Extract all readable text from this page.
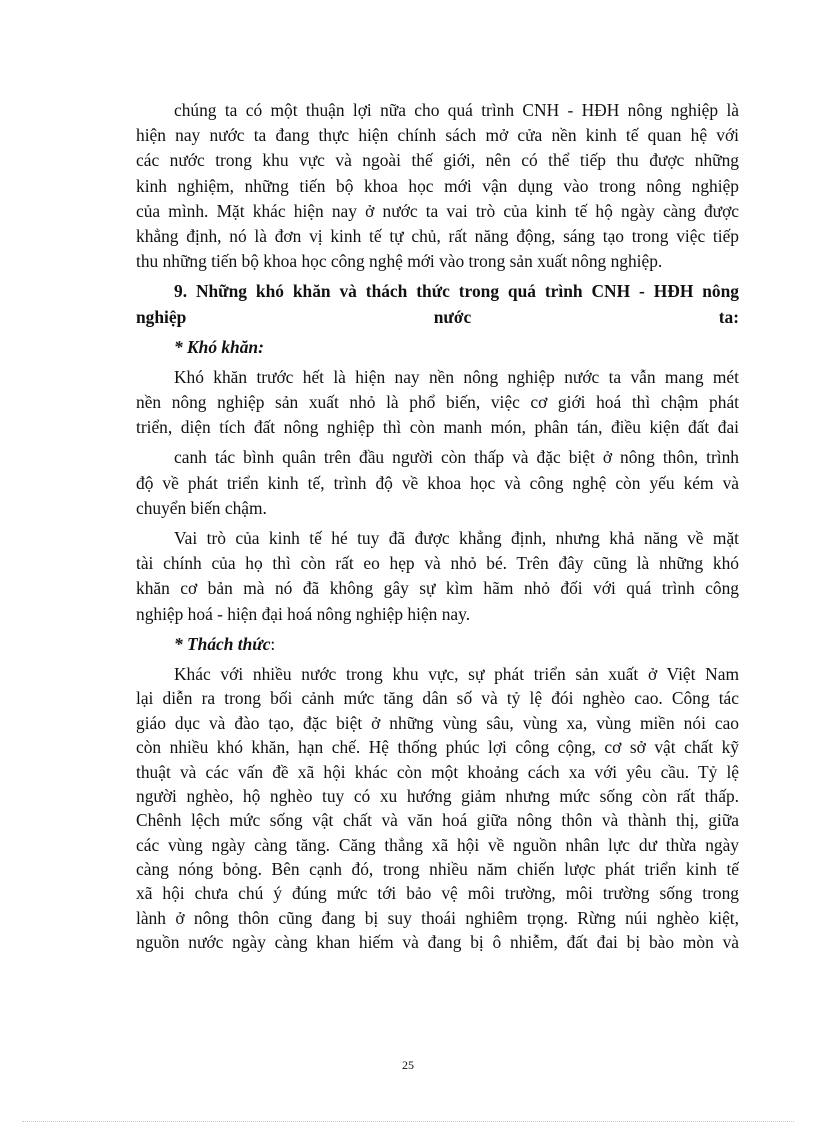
chúng ta có một thuận lợi nữa cho quá trình CNH - HĐH nông nghiệp là
hiện nay nước ta đang thực hiện chính sách mở cửa nền kinh tế quan hệ với
các nước trong khu vực và ngoài thế giới, nên có thể tiếp thu được những
kinh nghiệm, những tiến bộ khoa học mới vận dụng vào trong nông nghiệp
của mình. Mặt khác hiện nay ở nước ta vai trò của kinh tế hộ ngày càng được
khẳng định, nó là đơn vị kinh tế tự chủ, rất năng động, sáng tạo trong việc tiếp
thu những tiến bộ khoa học công nghệ mới vào trong sản xuất nông nghiệp.
9. Những khó khăn và thách thức trong quá trình CNH - HĐH nông
nghiệp nước ta:
* Khó khăn:
Khó khăn trước hết là hiện nay nền nông nghiệp nước ta vẫn mang mét
nền nông nghiệp sản xuất nhỏ là phổ biến, việc cơ giới hoá thì chậm phát
triển, diện tích đất nông nghiệp thì còn manh món, phân tán, điều kiện đất đai
canh tác bình quân trên đầu người còn thấp và đặc biệt ở nông thôn, trình
độ về phát triển kinh tế, trình độ về khoa học và công nghệ còn yếu kém và
chuyển biến chậm.
Vai trò của kinh tế hé tuy đã được khẳng định, nhưng khả năng về mặt
tài chính của họ thì còn rất eo hẹp và nhỏ bé. Trên đây cũng là những khó
khăn cơ bản mà nó đã không gây sự kìm hãm nhỏ đối với quá trình công
nghiệp hoá - hiện đại hoá nông nghiệp hiện nay.
* Thách thức:
Khác với nhiều nước trong khu vực, sự phát triển sản xuất ở Việt Nam
lại diễn ra trong bối cảnh mức tăng dân số và tỷ lệ đói nghèo cao. Công tác
giáo dục và đào tạo, đặc biệt ở những vùng sâu, vùng xa, vùng miền nói cao
còn nhiều khó khăn, hạn chế. Hệ thống phúc lợi công cộng, cơ sở vật chất kỹ
thuật và các vấn đề xã hội khác còn một khoảng cách xa với yêu cầu. Tỷ lệ
người nghèo, hộ nghèo tuy có xu hướng giảm nhưng mức sống còn rất thấp.
Chênh lệch mức sống vật chất và văn hoá giữa nông thôn và thành thị, giữa
các vùng ngày càng tăng. Căng thẳng xã hội về nguồn nhân lực dư thừa ngày
càng nóng bỏng. Bên cạnh đó, trong nhiều năm chiến lược phát triển kinh tế
xã hội chưa chú ý đúng mức tới bảo vệ môi trường, môi trường sống trong
lành ở nông thôn cũng đang bị suy thoái nghiêm trọng. Rừng núi nghèo kiệt,
nguồn nước ngày càng khan hiếm và đang bị ô nhiễm, đất đai bị bào mòn và
25
